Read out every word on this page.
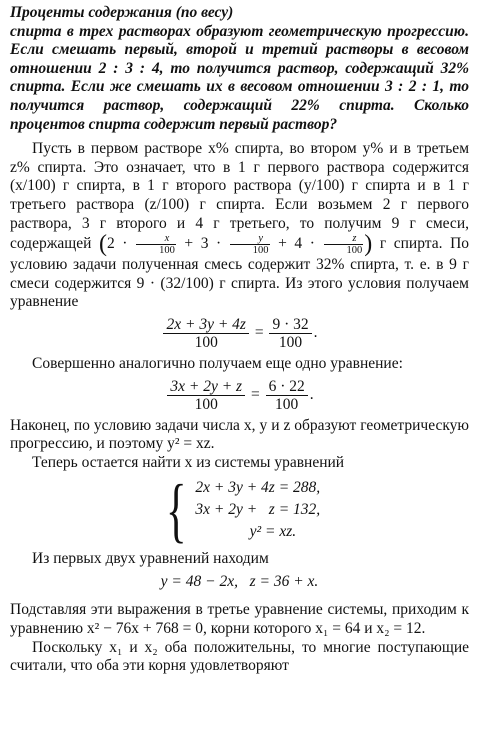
Проценты содержания (по весу)
спирта в трех растворах образуют геометрическую прогрессию. Если смешать первый, второй и третий растворы в весовом отношении 2 : 3 : 4, то получится раствор, содержащий 32% спирта. Если же смешать их в весовом отношении 3 : 2 : 1, то получится раствор, содержащий 22% спирта. Сколько процентов спирта содержит первый раствор?

Пусть в первом растворе x% спирта, во втором y% и в третьем z% спирта. Это означает, что в 1 г первого раствора содержится (x/100) г спирта, в 1 г второго раствора (y/100) г спирта и в 1 г третьего раствора (z/100) г спирта. Если возьмем 2 г первого раствора, 3 г второго и 4 г третьего, то получим 9 г смеси, содержащей ($2 \cdot \frac{x}{100} + 3 \cdot \frac{y}{100} + 4 \cdot \frac{z}{100}$ ) г спирта. По условию задачи полученная смесь содержит 32% спирта, т. е. в 9 г смеси содержится 9 · (32/100) г спирта. Из этого условия получаем уравнение

$\frac{2x + 3y + 4z}{100} = \frac{9 \cdot 32}{100}$ .

Совершенно аналогично получаем еще одно уравнение:

$\frac{3x + 2y + z}{100} = \frac{6 \cdot 22}{100}$ .

Наконец, по условию задачи числа x, y и z образуют геометрическую прогрессию, и поэтому y² = xz.

Теперь остается найти x из системы уравнений

{ 2x + 3y + 4z = 288,
3x + 2y +   z = 132,
y² = xz.

Из первых двух уравнений находим

y = 48 − 2x,   z = 36 + x.

Подставляя эти выражения в третье уравнение системы, приходим к уравнению x² − 76x + 768 = 0, корни которого x₁ = 64 и x₂ = 12.

Поскольку x₁ и x₂ оба положительны, то многие поступающие считали, что оба эти корня удовлетворяют
